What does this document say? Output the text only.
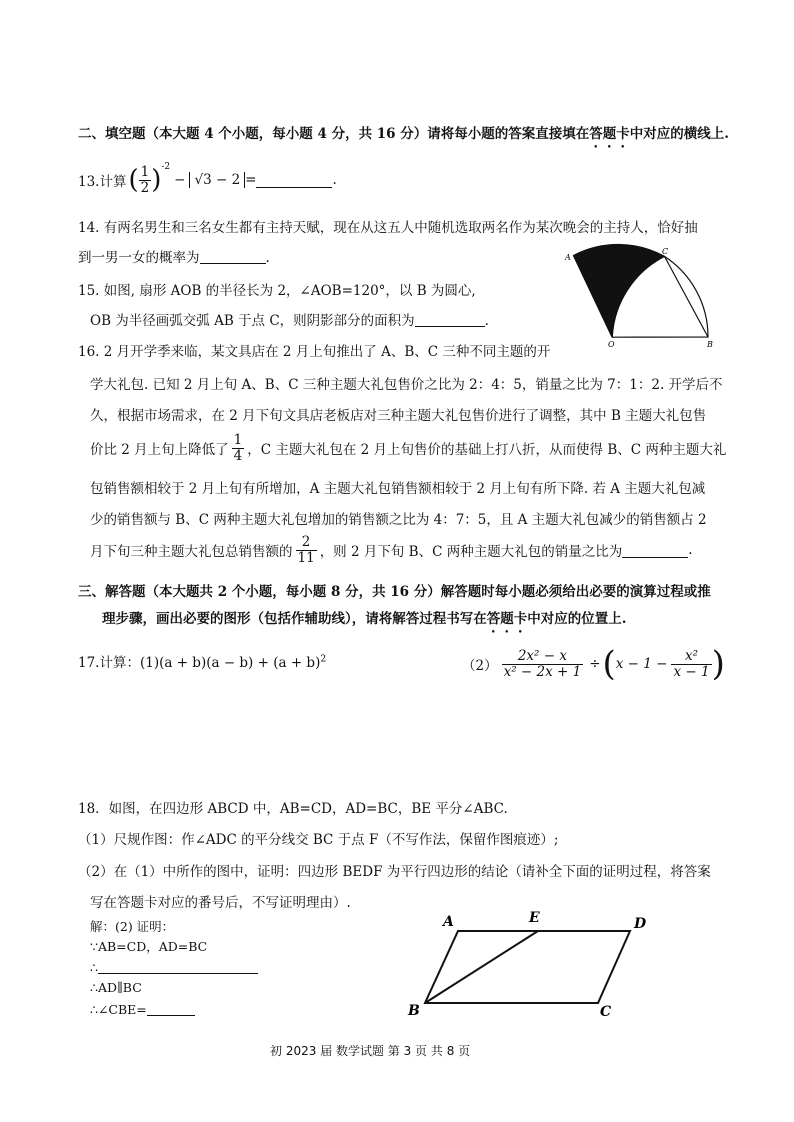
二、填空题（本大题 4 个小题，每小题 4 分，共 16 分）请将每小题的答案直接填在答题卡中对应的横线上.
13.计算 ( $\frac{1}{2} )^{-2}$
− √3 − 2 =	.
14. 有两名男生和三名女生都有主持天赋，现在从这五人中随机选取两名作为某次晚会的主持人，恰好抽
到一男一女的概率为	.
15. 如图, 扇形 AOB 的半径长为 2，∠AOB=120°，以 B 为圆心,
OB 为半径画弧交弧 AB 于点 C，则阴影部分的面积为	.
A
C
O	B
16. 2 月开学季来临，某文具店在 2 月上旬推出了 A、B、C 三种不同主题的开
学大礼包. 已知 2 月上旬 A、B、C 三种主题大礼包售价之比为 2：4：5，销量之比为 7：1：2. 开学后不
久，根据市场需求，在 2 月下旬文具店老板店对三种主题大礼包售价进行了调整，其中 B 主题大礼包售
价比 2 月上旬上降低了 $\frac{1}{4}$ ，C 主题大礼包在 2 月上旬售价的基础上打八折，从而使得 B、C 两种主题大礼
包销售额相较于 2 月上旬有所增加，A 主题大礼包销售额相较于 2 月上旬有所下降. 若 A 主题大礼包减
少的销售额与 B、C 两种主题大礼包增加的销售额之比为 4：7：5，且 A 主题大礼包减少的销售额占 2
月下旬三种主题大礼包总销售额的 $\frac{2}{11}$ ，则 2 月下旬 B、C 两种主题大礼包的销量之比为	.
三、解答题（本大题共 2 个小题，每小题 8 分，共 16 分）解答题时每小题必须给出必要的演算过程或推
理步骤，画出必要的图形（包括作辅助线），请将解答过程书写在答题卡中对应的位置上.
17.计算：$(1)(a + b)(a - b) + (a + b)^2$	$(2) \frac{\text{2x² − x}}{\text{x² − 2x + 1}}$ ÷ ( $x - 1 - \frac{\text{x²}}{x - 1}$ )
18．如图，在四边形 ABCD 中，AB=CD，AD=BC，BE 平分∠ABC.
（1）尺规作图：作∠ADC 的平分线交 BC 于点 F（不写作法，保留作图痕迹）;
（2）在（1）中所作的图中，证明：四边形 BEDF 为平行四边形的结论（请补全下面的证明过程，将答案
写在答题卡对应的番号后，不写证明理由）.
解：(2) 证明：
∵AB=CD，AD=BC
∴
∴AD∥BC
∴∠CBE=
A	E	D
B	C
初 2023 届 数学试题 第 3 页 共 8 页
